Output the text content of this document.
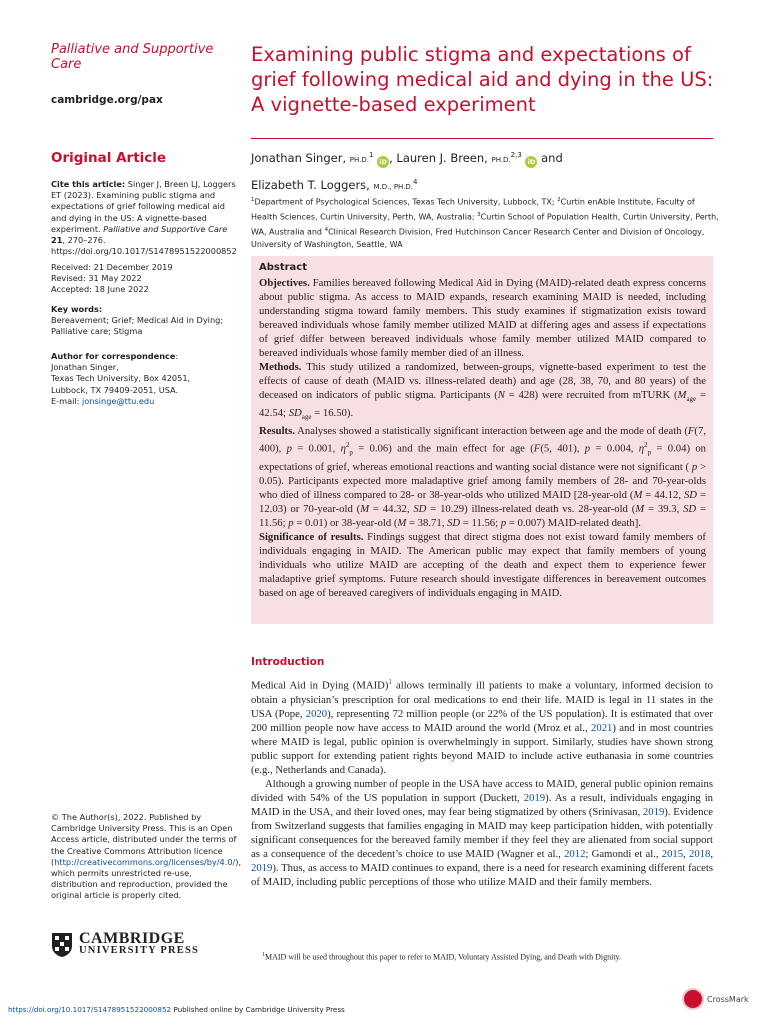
Palliative and Supportive Care
cambridge.org/pax
Original Article
Cite this article: Singer J, Breen LJ, Loggers ET (2023). Examining public stigma and expectations of grief following medical aid and dying in the US: A vignette-based experiment. Palliative and Supportive Care 21, 270–276. https://doi.org/10.1017/S1478951522000852
Received: 21 December 2019
Revised: 31 May 2022
Accepted: 18 June 2022
Key words:
Bereavement; Grief; Medical Aid in Dying; Palliative care; Stigma
Author for correspondence:
Jonathan Singer,
Texas Tech University, Box 42051,
Lubbock, TX 79409-2051, USA.
E-mail: jonsinge@ttu.edu
© The Author(s), 2022. Published by Cambridge University Press. This is an Open Access article, distributed under the terms of the Creative Commons Attribution licence (http://creativecommons.org/licenses/by/4.0/), which permits unrestricted re-use, distribution and reproduction, provided the original article is properly cited.
CAMBRIDGE
UNIVERSITY PRESS
Examining public stigma and expectations of grief following medical aid and dying in the US: A vignette-based experiment
Jonathan Singer, PH.D.$^1$ iD , Lauren J. Breen, PH.D.$^{2,3}$ iD and
Elizabeth T. Loggers, M.D., PH.D.$^4$
$^1$Department of Psychological Sciences, Texas Tech University, Lubbock, TX; $^2$Curtin enAble Institute, Faculty of Health Sciences, Curtin University, Perth, WA, Australia; $^3$Curtin School of Population Health, Curtin University, Perth, WA, Australia and $^4$Clinical Research Division, Fred Hutchinson Cancer Research Center and Division of Oncology, University of Washington, Seattle, WA
Abstract

Objectives. Families bereaved following Medical Aid in Dying (MAID)-related death express concerns about public stigma. As access to MAID expands, research examining MAID is needed, including understanding stigma toward family members. This study examines if stigmatization exists toward bereaved individuals whose family member utilized MAID at differing ages and assess if expectations of grief differ between bereaved individuals whose family member utilized MAID compared to bereaved individuals whose family member died of an illness.

Methods. This study utilized a randomized, between-groups, vignette-based experiment to test the effects of cause of death (MAID vs. illness-related death) and age (28, 38, 70, and 80 years) of the deceased on indicators of public stigma. Participants (N = 428) were recruited from mTURK ($M_{age} = 42.54$; $SD_{age} = 16.50$).

Results. Analyses showed a statistically significant interaction between age and the mode of death (F(7, 400), p = 0.001, $\eta^2_p = 0.06$) and the main effect for age (F(5, 401), p = 0.004, $\eta^2_p = 0.04$) on expectations of grief, whereas emotional reactions and wanting social distance were not significant ( p > 0.05). Participants expected more maladaptive grief among family members of 28- and 70-year-olds who died of illness compared to 28- or 38-year-olds who utilized MAID [28-year-old (M = 44.12, SD = 12.03) or 70-year-old (M = 44.32, SD = 10.29) illness-related death vs. 28-year-old (M = 39.3, SD = 11.56; p = 0.01) or 38-year-old (M = 38.71, SD = 11.56; p = 0.007) MAID-related death].

Significance of results. Findings suggest that direct stigma does not exist toward family members of individuals engaging in MAID. The American public may expect that family members of young individuals who utilize MAID are accepting of the death and expect them to experience fewer maladaptive grief symptoms. Future research should investigate differences in bereavement outcomes based on age of bereaved caregivers of individuals engaging in MAID.

Introduction

Medical Aid in Dying (MAID)$^1$ allows terminally ill patients to make a voluntary, informed decision to obtain a physician’s prescription for oral medications to end their life. MAID is legal in 11 states in the USA (Pope, 2020), representing 72 million people (or 22% of the US population). It is estimated that over 200 million people now have access to MAID around the world (Mroz et al., 2021) and in most countries where MAID is legal, public opinion is overwhelmingly in support. Similarly, studies have shown strong public support for extending patient rights beyond MAID to include active euthanasia in some countries (e.g., Netherlands and Canada).

Although a growing number of people in the USA have access to MAID, general public opinion remains divided with 54% of the US population in support (Duckett, 2019). As a result, individuals engaging in MAID in the USA, and their loved ones, may fear being stigmatized by others (Srinivasan, 2019). Evidence from Switzerland suggests that families engaging in MAID may keep participation hidden, with potentially significant consequences for the bereaved family member if they feel they are alienated from social support as a consequence of the decedent’s choice to use MAID (Wagner et al., 2012; Gamondi et al., 2015, 2018, 2019). Thus, as access to MAID continues to expand, there is a need for research examining different facets of MAID, including public perceptions of those who utilize MAID and their family members.

$^1$MAID will be used throughout this paper to refer to MAID, Voluntary Assisted Dying, and Death with Dignity.
https://doi.org/10.1017/S1478951522000852 Published online by Cambridge University Press
CrossMark
